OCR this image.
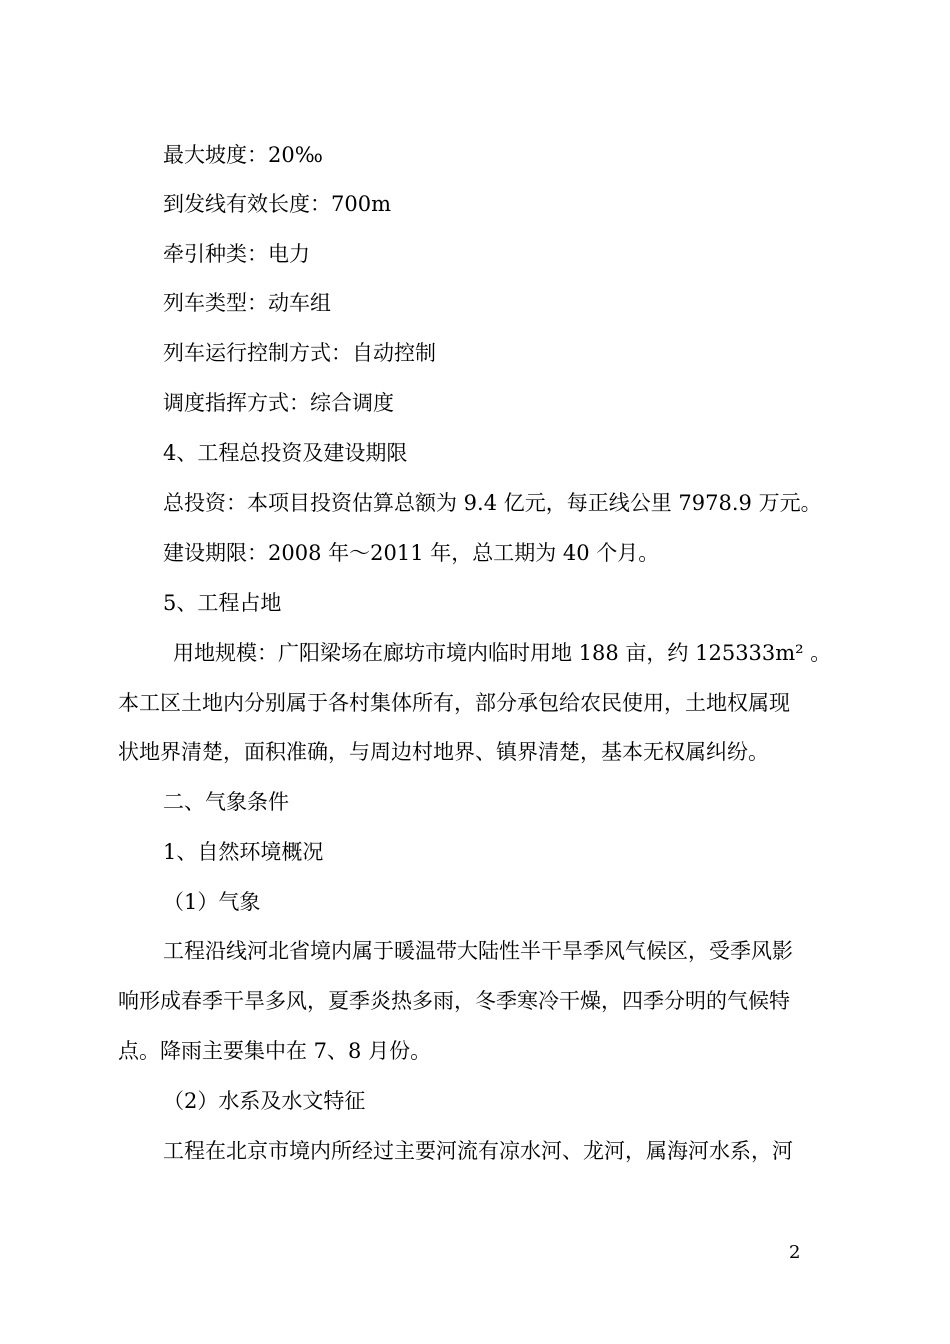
最大坡度：20‰
到发线有效长度：700m
牵引种类：电力
列车类型：动车组
列车运行控制方式：自动控制
调度指挥方式：综合调度
4、工程总投资及建设期限
总投资：本项目投资估算总额为 9.4 亿元，每正线公里 7978.9 万元。
建设期限：2008 年～2011 年，总工期为 40 个月。
5、工程占地
用地规模：广阳梁场在廊坊市境内临时用地 188 亩，约 125333m² 。
本工区土地内分别属于各村集体所有，部分承包给农民使用，土地权属现
状地界清楚，面积准确，与周边村地界、镇界清楚，基本无权属纠纷。
二、气象条件
1、自然环境概况
（1）气象
工程沿线河北省境内属于暖温带大陆性半干旱季风气候区，受季风影
响形成春季干旱多风，夏季炎热多雨，冬季寒冷干燥，四季分明的气候特
点。降雨主要集中在 7、8 月份。
（2）水系及水文特征
工程在北京市境内所经过主要河流有凉水河、龙河，属海河水系，河
2
